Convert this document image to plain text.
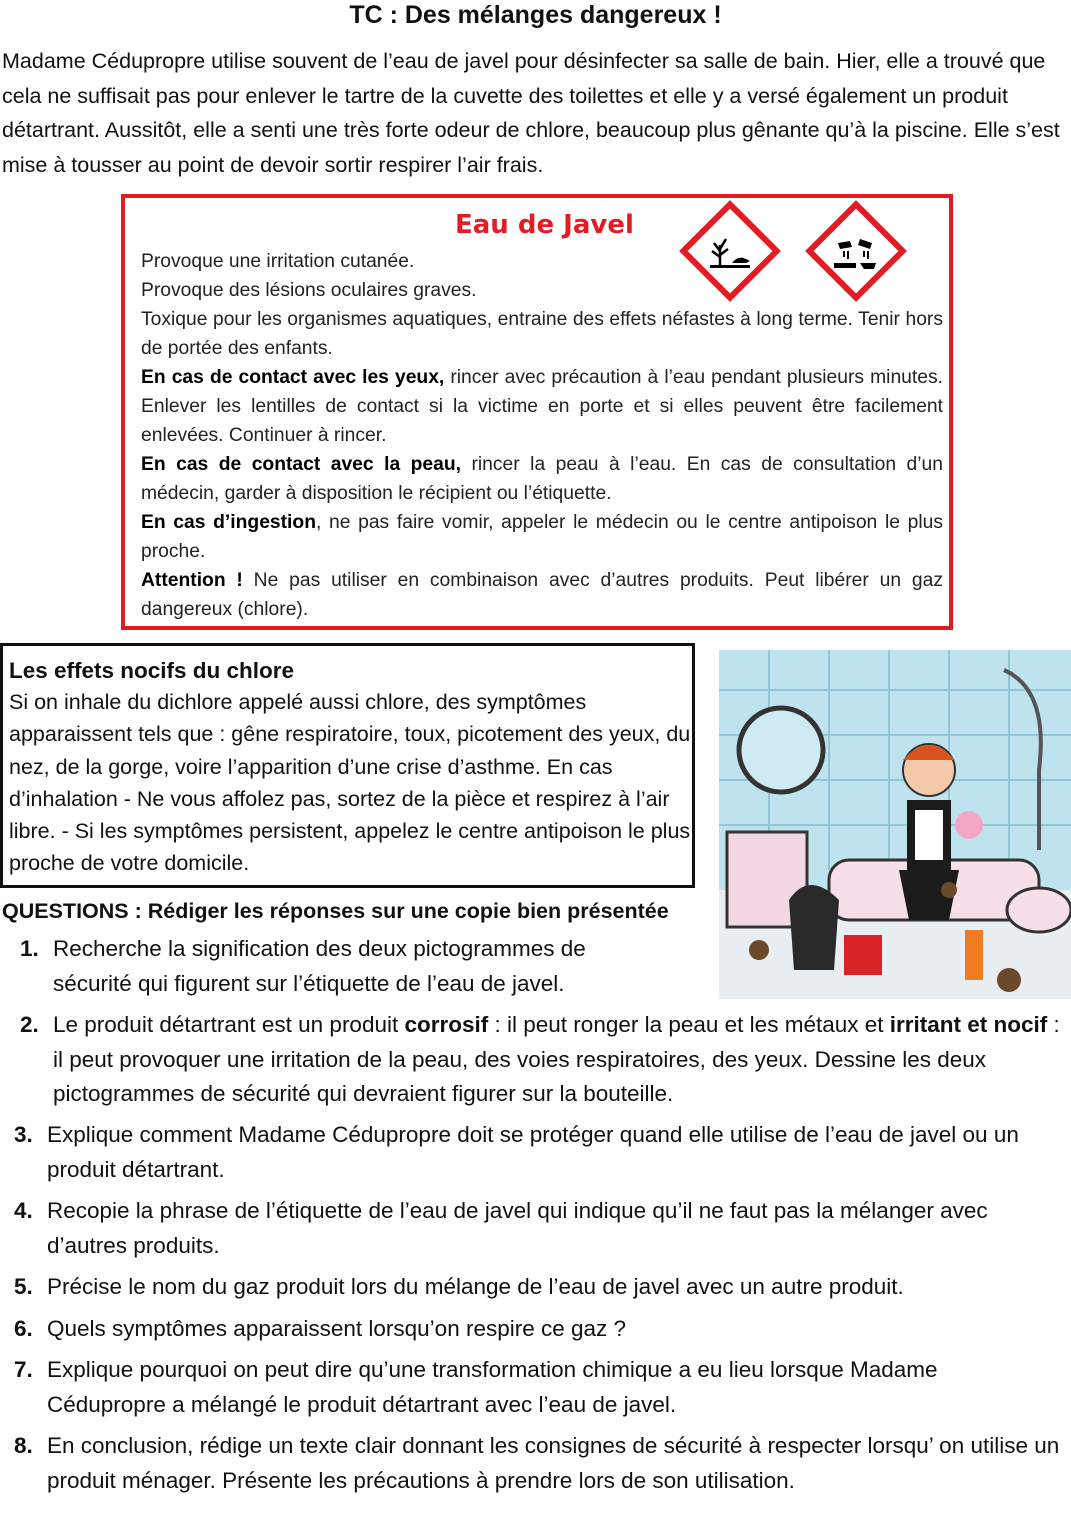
TC : Des mélanges dangereux !

Madame Cédupropre utilise souvent de l’eau de javel pour désinfecter sa salle de bain. Hier, elle a trouvé que cela ne suffisait pas pour enlever le tartre de la cuvette des toilettes et elle y a versé également un produit détartrant. Aussitôt, elle a senti une très forte odeur de chlore, beaucoup plus gênante qu’à la piscine. Elle s’est mise à tousser au point de devoir sortir respirer l’air frais.

Eau de Javel

Provoque une irritation cutanée.

Provoque des lésions oculaires graves.

Toxique pour les organismes aquatiques, entraine des effets néfastes à long terme. Tenir hors de portée des enfants.

En cas de contact avec les yeux, rincer avec précaution à l’eau pendant plusieurs minutes. Enlever les lentilles de contact si la victime en porte et si elles peuvent être facilement enlevées. Continuer à rincer.

En cas de contact avec la peau, rincer la peau à l’eau. En cas de consultation d’un médecin, garder à disposition le récipient ou l’étiquette.

En cas d’ingestion, ne pas faire vomir, appeler le médecin ou le centre antipoison le plus proche.

Attention ! Ne pas utiliser en combinaison avec d’autres produits. Peut libérer un gaz dangereux (chlore).

Les effets nocifs du chlore

Si on inhale du dichlore appelé aussi chlore, des symptômes apparaissent tels que : gêne respiratoire, toux, picotement des yeux, du nez, de la gorge, voire l’apparition d’une crise d’asthme. En cas d’inhalation - Ne vous affolez pas, sortez de la pièce et respirez à l’air libre. - Si les symptômes persistent, appelez le centre antipoison le plus proche de votre domicile.

QUESTIONS : Rédiger les réponses sur une copie bien présentée
1. Recherche la signification des deux pictogrammes de sécurité qui figurent sur l’étiquette de l’eau de javel.
2. Le produit détartrant est un produit corrosif : il peut ronger la peau et les métaux et irritant et nocif : il peut provoquer une irritation de la peau, des voies respiratoires, des yeux. Dessine les deux pictogrammes de sécurité qui devraient figurer sur la bouteille.
3. Explique comment Madame Cédupropre doit se protéger quand elle utilise de l’eau de javel ou un produit détartrant.
4. Recopie la phrase de l’étiquette de l’eau de javel qui indique qu’il ne faut pas la mélanger avec d’autres produits.
5. Précise le nom du gaz produit lors du mélange de l’eau de javel avec un autre produit.
6. Quels symptômes apparaissent lorsqu’on respire ce gaz ?
7. Explique pourquoi on peut dire qu’une transformation chimique a eu lieu lorsque Madame Cédupropre a mélangé le produit détartrant avec l’eau de javel.
8. En conclusion, rédige un texte clair donnant les consignes de sécurité à respecter lorsqu’ on utilise un produit ménager. Présente les précautions à prendre lors de son utilisation.
